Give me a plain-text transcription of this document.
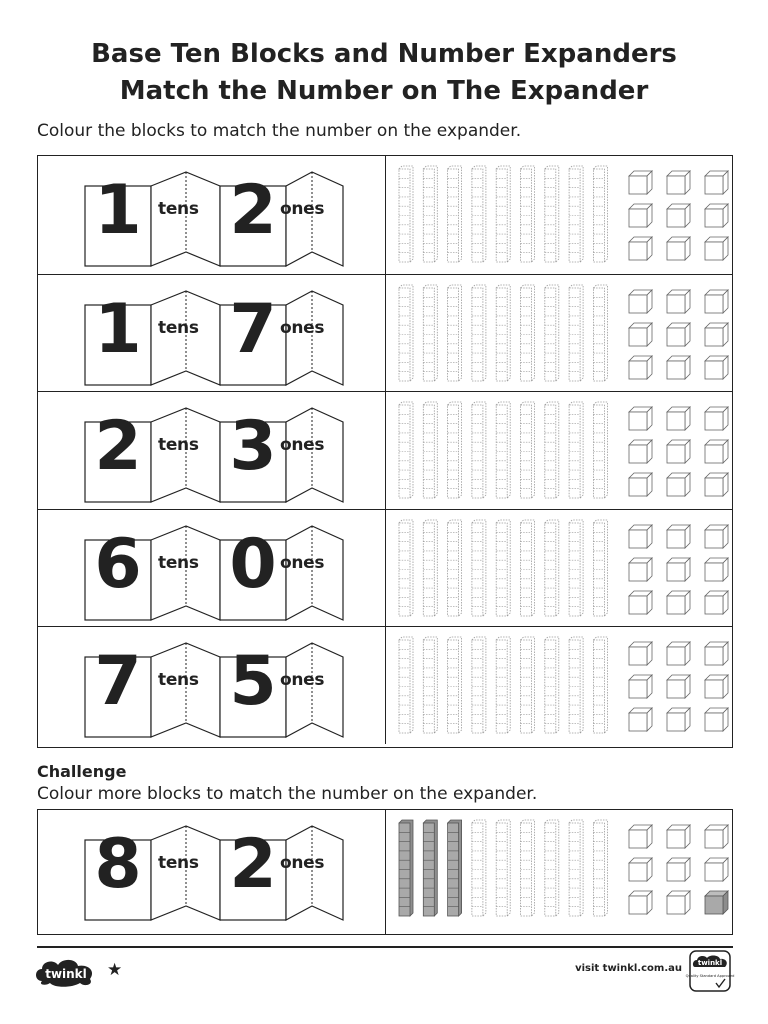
Base Ten Blocks and Number Expanders
Match the Number on The Expander
Colour the blocks to match the number on the expander.
1 tens 2 ones
1 tens 7 ones
2 tens 3 ones
6 tens 0 ones
7 tens 5 ones
Challenge
Colour more blocks to match the number on the expander.
8 tens 2 ones
twinkl ★	visit twinkl.com.au twinkl
Quality Standard Approved
